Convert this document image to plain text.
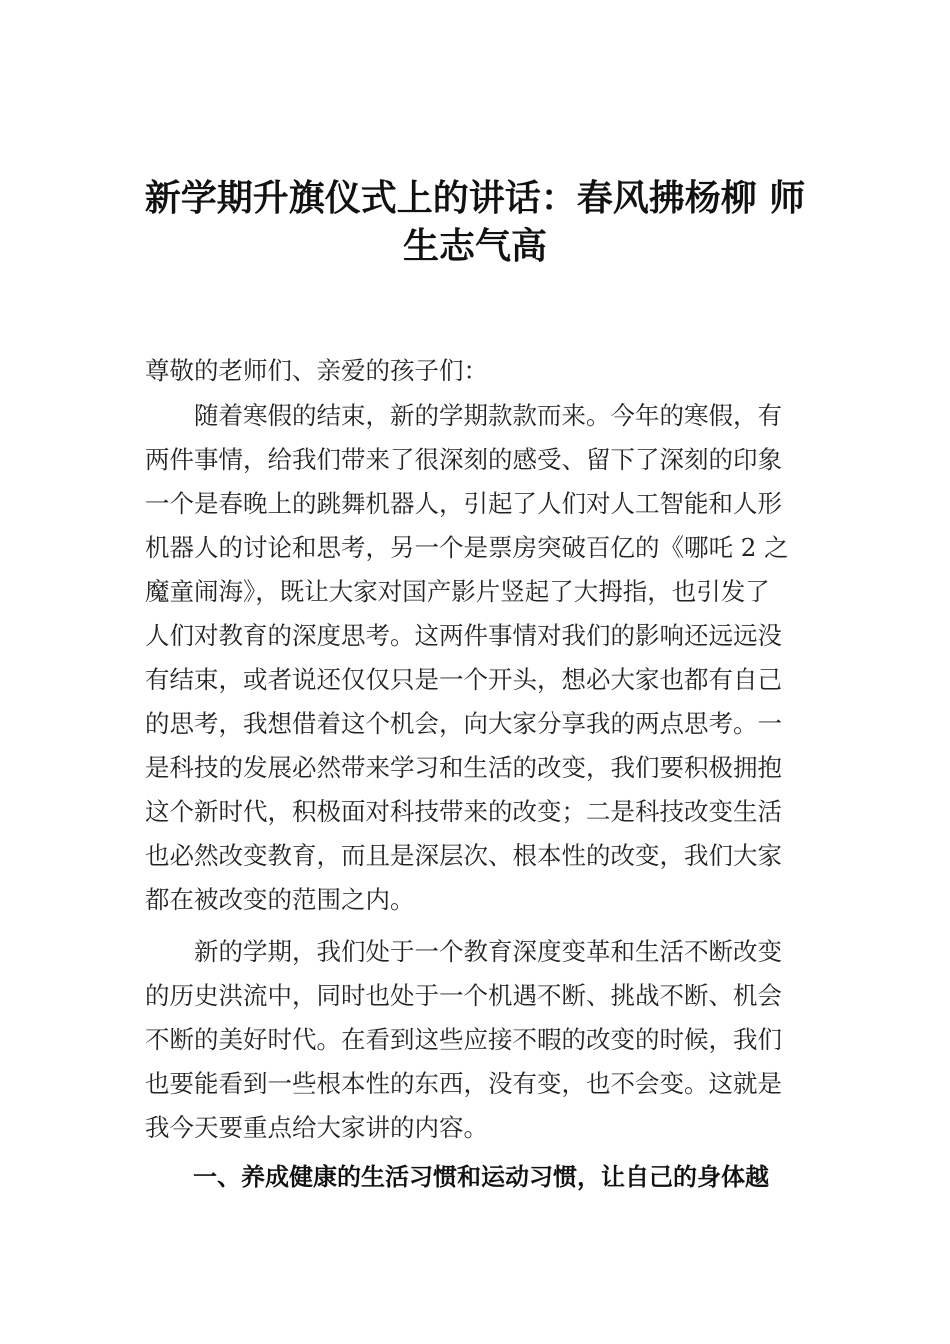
新学期升旗仪式上的讲话：春风拂杨柳 师
生志气高
尊敬的老师们、亲爱的孩子们：
　　随着寒假的结束，新的学期款款而来。今年的寒假，有
两件事情，给我们带来了很深刻的感受、留下了深刻的印象
一个是春晚上的跳舞机器人，引起了人们对人工智能和人形
机器人的讨论和思考，另一个是票房突破百亿的《哪吒 2 之
魔童闹海》，既让大家对国产影片竖起了大拇指，也引发了
人们对教育的深度思考。这两件事情对我们的影响还远远没
有结束，或者说还仅仅只是一个开头，想必大家也都有自己
的思考，我想借着这个机会，向大家分享我的两点思考。一
是科技的发展必然带来学习和生活的改变，我们要积极拥抱
这个新时代，积极面对科技带来的改变；二是科技改变生活
也必然改变教育，而且是深层次、根本性的改变，我们大家
都在被改变的范围之内。
　　新的学期，我们处于一个教育深度变革和生活不断改变
的历史洪流中，同时也处于一个机遇不断、挑战不断、机会
不断的美好时代。在看到这些应接不暇的改变的时候，我们
也要能看到一些根本性的东西，没有变，也不会变。这就是
我今天要重点给大家讲的内容。
　　一、养成健康的生活习惯和运动习惯，让自己的身体越
